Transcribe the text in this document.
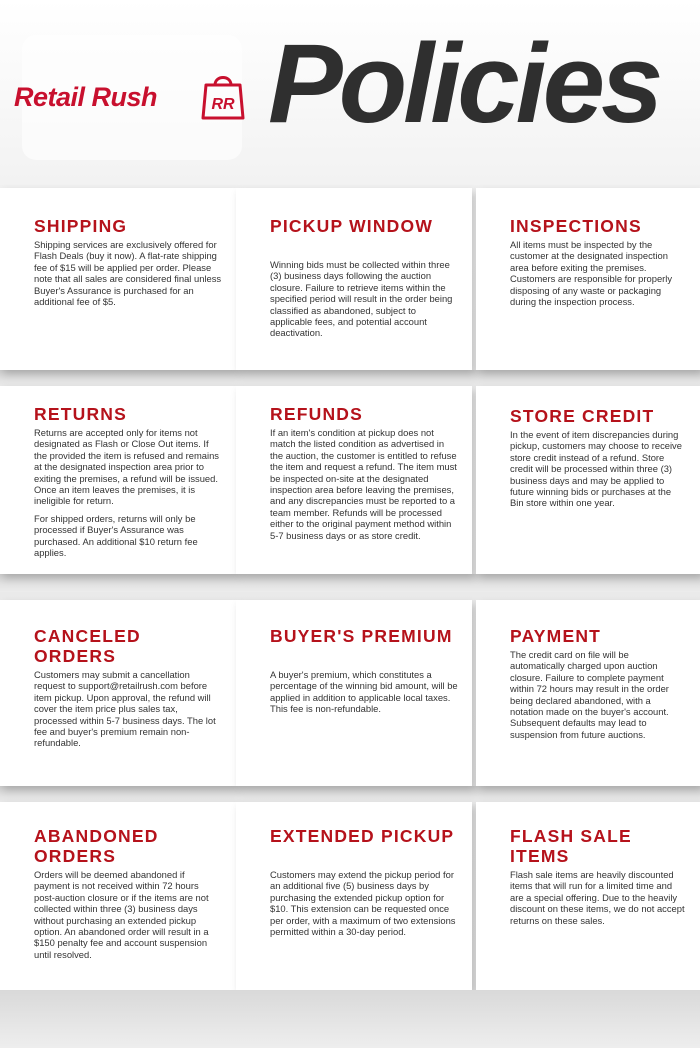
Retail Rush	RR Policies
SHIPPING

Shipping services are exclusively offered for Flash Deals (buy it now). A flat-rate shipping fee of $15 will be applied per order. Please note that all sales are considered final unless Buyer's Assurance is purchased for an additional fee of $5.

PICKUP WINDOW

Winning bids must be collected within three (3) business days following the auction closure. Failure to retrieve items within the specified period will result in the order being classified as abandoned, subject to applicable fees, and potential account deactivation.

INSPECTIONS

All items must be inspected by the customer at the designated inspection area before exiting the premises. Customers are responsible for properly disposing of any waste or packaging during the inspection process.

RETURNS

Returns are accepted only for items not designated as Flash or Close Out items. If the provided the item is refused and remains at the designated inspection area prior to exiting the premises, a refund will be issued. Once an item leaves the premises, it is ineligible for return.

For shipped orders, returns will only be processed if Buyer's Assurance was purchased. An additional $10 return fee applies.

REFUNDS

If an item's condition at pickup does not match the listed condition as advertised in the auction, the customer is entitled to refuse the item and request a refund. The item must be inspected on-site at the designated inspection area before leaving the premises, and any discrepancies must be reported to a team member. Refunds will be processed either to the original payment method within 5-7 business days or as store credit.

STORE CREDIT

In the event of item discrepancies during pickup, customers may choose to receive store credit instead of a refund. Store credit will be processed within three (3) business days and may be applied to future winning bids or purchases at the Bin store within one year.

CANCELED ORDERS

Customers may submit a cancellation request to support@retailrush.com before item pickup. Upon approval, the refund will cover the item price plus sales tax, processed within 5-7 business days. The lot fee and buyer's premium remain non-refundable.

BUYER'S PREMIUM

A buyer's premium, which constitutes a percentage of the winning bid amount, will be applied in addition to applicable local taxes. This fee is non-refundable.

PAYMENT

The credit card on file will be automatically charged upon auction closure. Failure to complete payment within 72 hours may result in the order being declared abandoned, with a notation made on the buyer's account. Subsequent defaults may lead to suspension from future auctions.

ABANDONED ORDERS

Orders will be deemed abandoned if payment is not received within 72 hours post-auction closure or if the items are not collected within three (3) business days without purchasing an extended pickup option. An abandoned order will result in a $150 penalty fee and account suspension until resolved.

EXTENDED PICKUP

Customers may extend the pickup period for an additional five (5) business days by purchasing the extended pickup option for $10. This extension can be requested once per order, with a maximum of two extensions permitted within a 30-day period.

FLASH SALE ITEMS

Flash sale items are heavily discounted items that will run for a limited time and are a special offering. Due to the heavily discount on these items, we do not accept returns on these sales.
